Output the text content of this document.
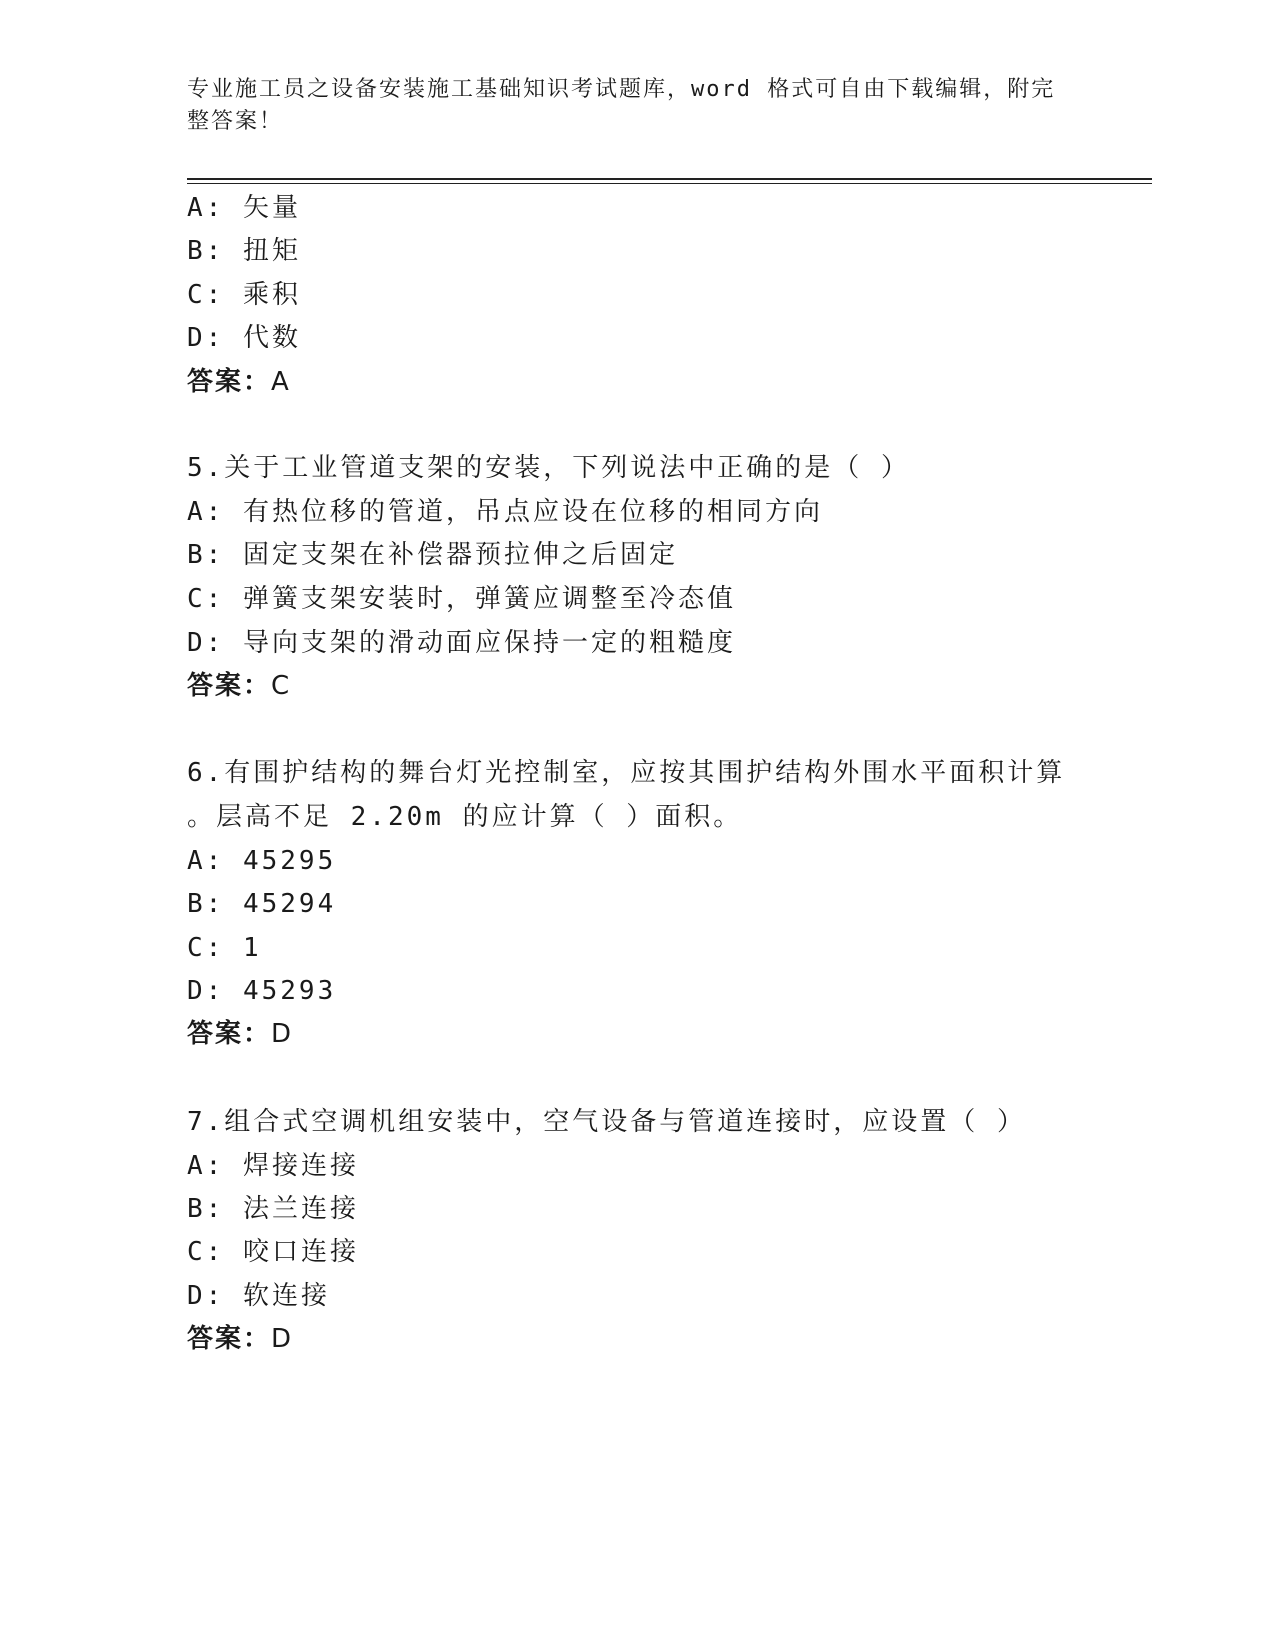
专业施工员之设备安装施工基础知识考试题库，word 格式可自由下载编辑，附完
整答案！
A: 矢量
B: 扭矩
C: 乘积
D: 代数
答案：A
5.关于工业管道支架的安装，下列说法中正确的是（ ）
A: 有热位移的管道，吊点应设在位移的相同方向
B: 固定支架在补偿器预拉伸之后固定
C: 弹簧支架安装时，弹簧应调整至冷态值
D: 导向支架的滑动面应保持一定的粗糙度
答案：C
6.有围护结构的舞台灯光控制室，应按其围护结构外围水平面积计算
。层高不足 2.20m 的应计算（ ）面积。
A: 45295
B: 45294
C: 1
D: 45293
答案：D
7.组合式空调机组安装中，空气设备与管道连接时，应设置（ ）
A: 焊接连接
B: 法兰连接
C: 咬口连接
D: 软连接
答案：D
